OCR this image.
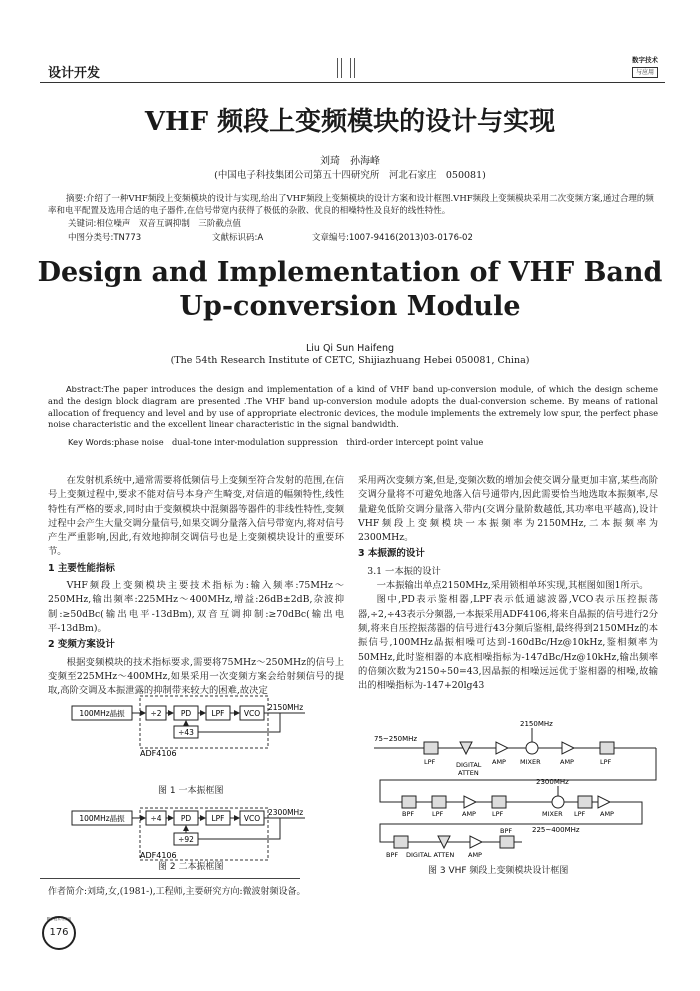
设计开发
数字技术
与应用
VHF 频段上变频模块的设计与实现
刘琦　孙海峰
(中国电子科技集团公司第五十四研究所　河北石家庄　050081)
摘要:介绍了一种VHF频段上变频模块的设计与实现,给出了VHF频段上变频模块的设计方案和设计框图.VHF频段上变频模块采用二次变频方案,通过合理的频率和电平配置及选用合适的电子器件,在信号带宽内获得了极低的杂散、优良的相噪特性及良好的线性特性。
关键词:相位噪声　双音互调抑制　三阶截点值
中图分类号:TN773	文献标识码:A	文章编号:1007-9416(2013)03-0176-02
Design and Implementation of VHF Band
Up-conversion Module
Liu Qi Sun Haifeng
(The 54th Research Institute of CETC, Shijiazhuang Hebei 050081, China)
Abstract:The paper introduces the design and implementation of a kind of VHF band up-conversion module, of which the design scheme and the design block diagram are presented .The VHF band up-conversion module adopts the dual-conversion scheme. By means of rational allocation of frequency and level and by use of appropriate electronic devices, the module implements the extremely low spur, the perfect phase noise characteristic and the excellent linear characteristic in the signal bandwidth.
Key Words:phase noise　dual-tone inter-modulation suppression　third-order intercept point value

在发射机系统中,通常需要将低频信号上变频至符合发射的范围,在信号上变频过程中,要求不能对信号本身产生畸变,对信道的幅频特性,线性特性有严格的要求,同时由于变频模块中混频器等器件的非线性特性,变频过程中会产生大量交调分量信号,如果交调分量落入信号带宽内,将对信号产生严重影响,因此,有效地抑制交调信号也是上变频模块设计的重要环节。

1 主要性能指标

VHF频段上变频模块主要技术指标为:输入频率:75MHz～250MHz,输出频率:225MHz～400MHz,增益:26dB±2dB,杂波抑制:≥50dBc(输出电平-13dBm),双音互调抑制:≥70dBc(输出电平-13dBm)。

2 变频方案设计

根据变频模块的技术指标要求,需要将75MHz～250MHz的信号上变频至225MHz～400MHz,如果采用一次变频方案会给射频信号的提取,高阶交调及本振泄露的抑制带来较大的困难,故决定

采用两次变频方案,但是,变频次数的增加会使交调分量更加丰富,某些高阶交调分量将不可避免地落入信号通带内,因此需要恰当地选取本振频率,尽量避免低阶交调分量落入带内(交调分量阶数越低,其功率电平越高),设计VHF频段上变频模块一本振频率为2150MHz,二本振频率为2300MHz。

3 本振源的设计

3.1 一本振的设计

一本振输出单点2150MHz,采用锁相单环实现,其框图如图1所示。

图中,PD表示鉴相器,LPF表示低通滤波器,VCO表示压控振荡器,÷2,÷43表示分频器,一本振采用ADF4106,将来自晶振的信号进行2分频,将来自压控振荡器的信号进行43分频后鉴相,最终得到2150MHz的本振信号,100MHz晶振相噪可达到-160dBc/Hz@10kHz,鉴相频率为50MHz,此时鉴相器的本底相噪指标为-147dBc/Hz@10kHz,输出频率的倍频次数为2150÷50=43,因晶振的相噪远远优于鉴相器的相噪,故输出的相噪指标为-147+20lg43

100MHz晶振	÷2	PD	LPF	VCO
2150MHz
÷43
ADF4106
图 1 一本振框图
100MHz晶振	÷4	PD	LPF	VCO
2300MHz
÷92
ADF4106
图 2 二本振框图
2150MHz
75~250MHz
LPF	DIGITAL
ATTEN
AMP MIXER	AMP	LPF
2300MHz
BPF	LPF	AMP LPF	MIXER LPF AMP
225~400MHz
BPF DIGITAL ATTEN AMP
BPF
图 3 VHF 频段上变频模块设计框图
作者简介:刘琦,女,(1981-),工程师,主要研究方向:微波射频设备。
数字技术与应用
176
